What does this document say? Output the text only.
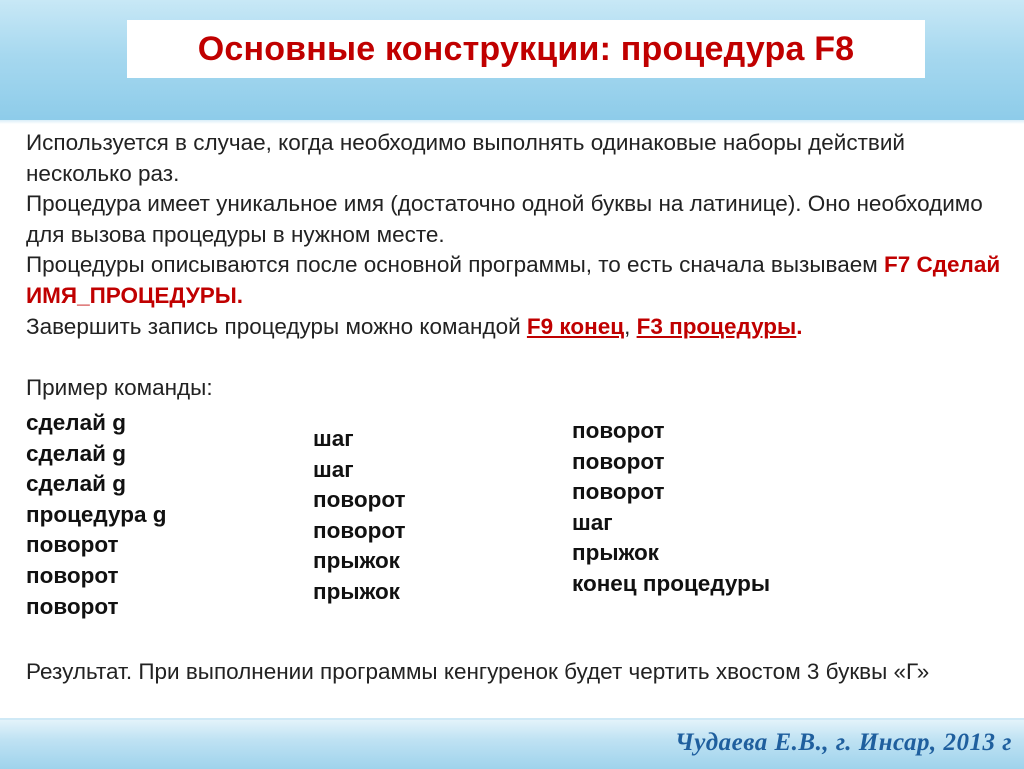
Основные конструкции: процедура F8

Используется в случае, когда необходимо выполнять одинаковые наборы действий несколько раз.

Процедура имеет уникальное имя (достаточно одной буквы на латинице). Оно необходимо для вызова процедуры в нужном месте.

Процедуры описываются после основной программы, то есть сначала вызываем F7 Сделай ИМЯ_ПРОЦЕДУРЫ.

Завершить запись процедуры можно командой F9 конец, F3 процедуры.

Пример команды:

сделай g
сделай g
сделай g
процедура g
поворот
поворот
поворот
шаг
шаг
поворот
поворот
прыжок
прыжок
поворот
поворот
поворот
шаг
прыжок
конец процедуры
Результат. При выполнении программы кенгуренок будет чертить хвостом 3 буквы «Г»
Чудаева Е.В., г. Инсар, 2013 г
